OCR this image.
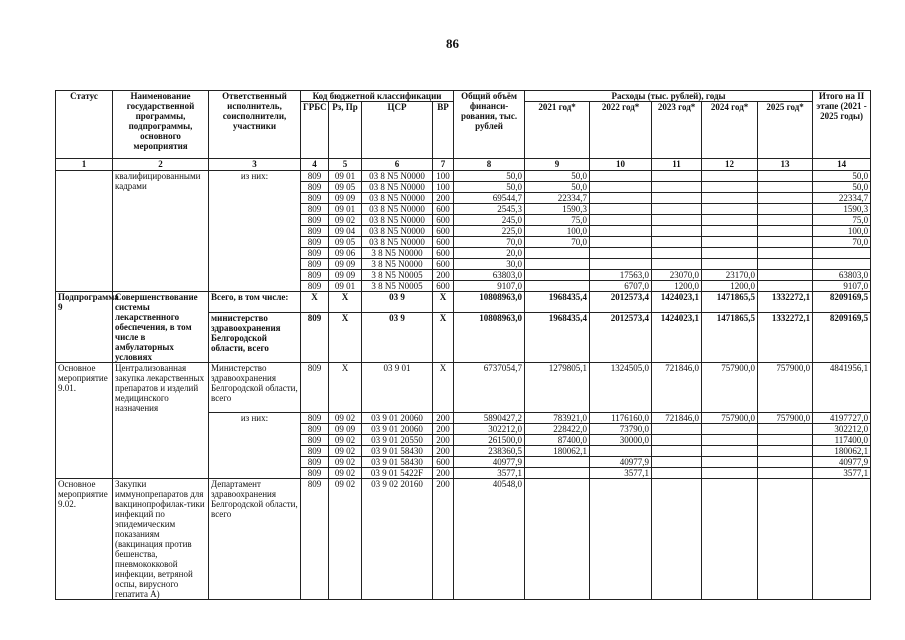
86
Статус	Наименование государственной программы, подпрограммы, основного мероприятия	Ответственный исполнитель, соисполнители, участники	Код бюджетной классификации				Общий объём финанси-рования, тыс. рублей	Расходы (тыс. рублей), годы					Итого на II этапе (2021 - 2025 годы)
			ГРБС	Рз, Пр	ЦСР	ВР		2021 год*	2022 год*	2023 год*	2024 год*	2025 год*	
1	2	3	4	5	6	7	8	9	10	11	12	13	14
	квалифицированными кадрами	из них:	809	09 01	03 8 N5 N0000	100	50,0	50,0					50,0
			809	09 05	03 8 N5 N0000	100	50,0	50,0					50,0
			809	09 09	03 8 N5 N0000	200	69544,7	22334,7					22334,7
			809	09 01	03 8 N5 N0000	600	2545,3	1590,3					1590,3
			809	09 02	03 8 N5 N0000	600	245,0	75,0					75,0
			809	09 04	03 8 N5 N0000	600	225,0	100,0					100,0
			809	09 05	03 8 N5 N0000	600	70,0	70,0					70,0
			809	09 06	3 8 N5 N0000	600	20,0						
			809	09 09	3 8 N5 N0000	600	30,0						
			809	09 09	3 8 N5 N0005	200	63803,0		17563,0	23070,0	23170,0		63803,0
			809	09 01	3 8 N5 N0005	600	9107,0		6707,0	1200,0	1200,0		9107,0
Подпрограмма 9	Совершенствование системы лекарственного обеспечения, в том числе в амбулаторных условиях	Всего, в том числе:	X	X	03 9	X	10808963,0	1968435,4	2012573,4	1424023,1	1471865,5	1332272,1	8209169,5
		министерство здравоохранения Белгородской области, всего	809	X	03 9	X	10808963,0	1968435,4	2012573,4	1424023,1	1471865,5	1332272,1	8209169,5
Основное мероприятие 9.01.	Централизованная закупка лекарственных препаратов и изделий медицинского назначения	Министерство здравоохранения Белгородской области, всего	809	X	03 9 01	X	6737054,7	1279805,1	1324505,0	721846,0	757900,0	757900,0	4841956,1
		из них:	809	09 02	03 9 01 20060	200	5890427,2	783921,0	1176160,0	721846,0	757900,0	757900,0	4197727,0
			809	09 09	03 9 01 20060	200	302212,0	228422,0	73790,0				302212,0
			809	09 02	03 9 01 20550	200	261500,0	87400,0	30000,0				117400,0
			809	09 02	03 9 01 58430	200	238360,5	180062,1					180062,1
			809	09 02	03 9 01 58430	600	40977,9		40977,9				40977,9
			809	09 02	03 9 01 5422F	200	3577,1		3577,1				3577,1
Основное мероприятие 9.02.	Закупки иммунопрепаратов для вакцинопрофилак-тики инфекций по эпидемическим показаниям (вакцинация против бешенства, пневмококковой инфекции, ветряной оспы, вирусного гепатита А)	Департамент здравоохранения Белгородской области, всего	809	09 02	03 9 02 20160	200	40548,0						
